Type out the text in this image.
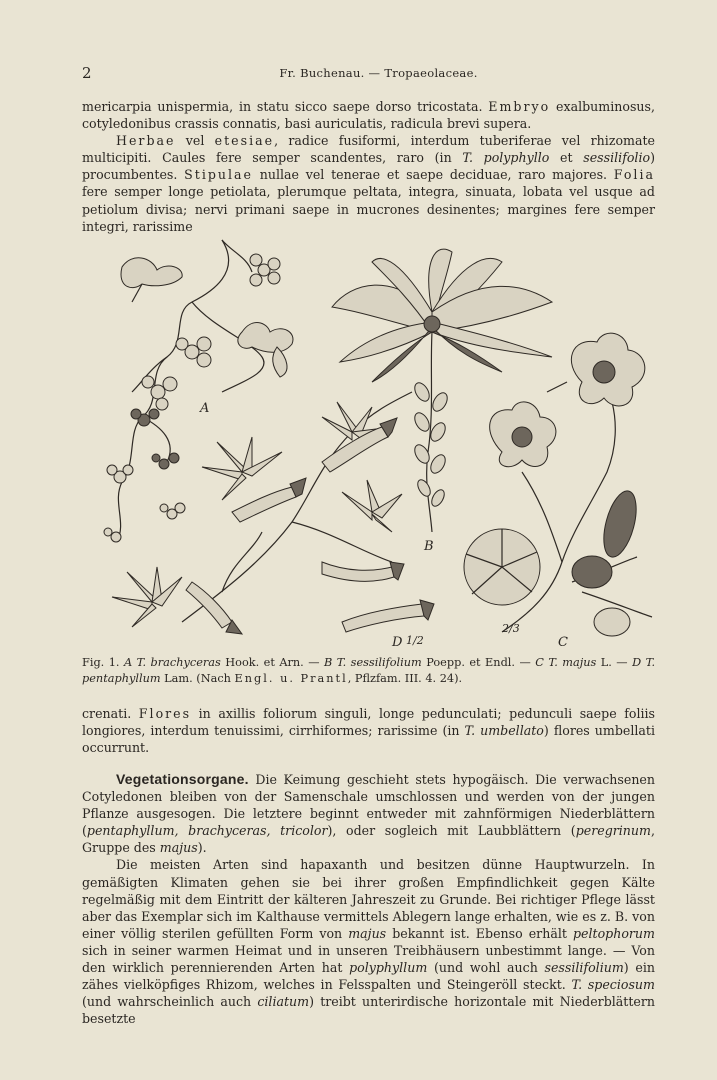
2	Fr. Buchenau. — Tropaeolaceae.

mericarpia unispermia, in statu sicco saepe dorso tricostata. Embryo exalbuminosus, cotyledonibus crassis connatis, basi auriculatis, radicula brevi supera.

Herbae vel etesiae, radice fusiformi, interdum tuberiferae vel rhizomate multicipiti. Caules fere semper scandentes, raro (in T. polyphyllo et sessilifolio) procumbentes. Stipulae nullae vel tenerae et saepe deciduae, raro majores. Folia fere semper longe petiolata, plerumque peltata, integra, sinuata, lobata vel usque ad petiolum divisa; nervi primani saepe in mucrones desinentes; margines fere semper integri, rarissime

A
B
D 1/2
2/3
C
Fig. 1. A T. brachyceras Hook. et Arn. — B T. sessilifolium Poepp. et Endl. — C T. majus L. — D T. pentaphyllum Lam. (Nach Engl. u. Prantl, Pflzfam. III. 4. 24).

crenati. Flores in axillis foliorum singuli, longe pedunculati; pedunculi saepe foliis longiores, interdum tenuissimi, cirrhiformes; rarissime (in T. umbellato) flores umbellati occurrunt.

Vegetationsorgane. Die Keimung geschieht stets hypogäisch. Die verwachsenen Cotyledonen bleiben von der Samenschale umschlossen und werden von der jungen Pflanze ausgesogen. Die letztere beginnt entweder mit zahnförmigen Niederblättern (pentaphyllum, brachyceras, tricolor), oder sogleich mit Laubblättern (peregrinum, Gruppe des majus).

Die meisten Arten sind hapaxanth und besitzen dünne Hauptwurzeln. In gemäßigten Klimaten gehen sie bei ihrer großen Empfindlichkeit gegen Kälte regelmäßig mit dem Eintritt der kälteren Jahreszeit zu Grunde. Bei richtiger Pflege lässt aber das Exemplar sich im Kalthause vermittels Ablegern lange erhalten, wie es z. B. von einer völlig sterilen gefüllten Form von majus bekannt ist. Ebenso erhält peltophorum sich in seiner warmen Heimat und in unseren Treibhäusern unbestimmt lange. — Von den wirklich perennierenden Arten hat polyphyllum (und wohl auch sessilifolium) ein zähes vielköpfiges Rhizom, welches in Felsspalten und Steingeröll steckt. T. speciosum (und wahrscheinlich auch ciliatum) treibt unterirdische horizontale mit Niederblättern besetzte
